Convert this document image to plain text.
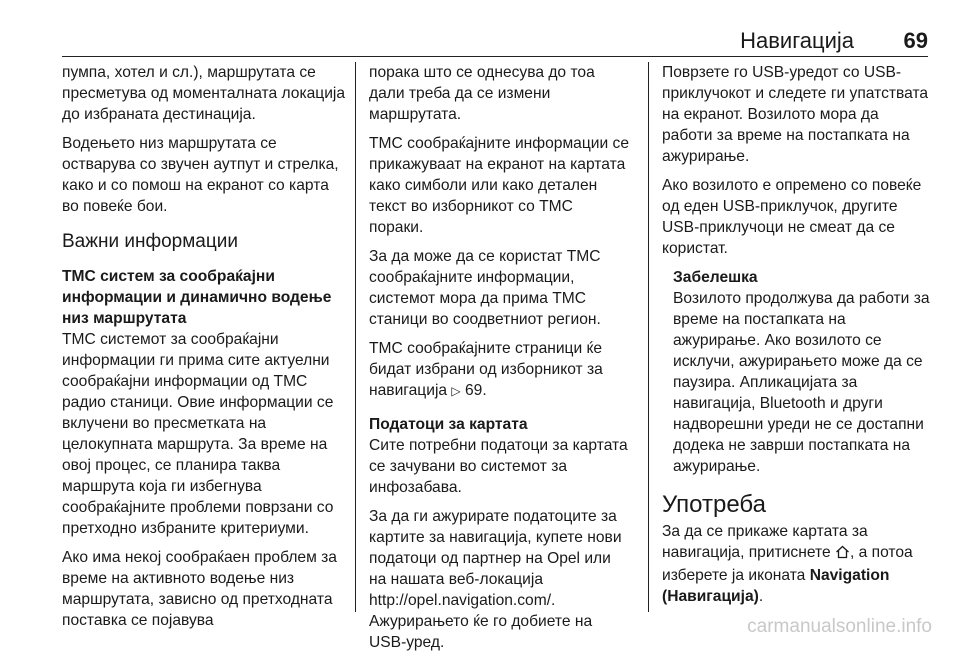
Навигација 69

пумпа, хотел и сл.), маршрутата се пресметува од моменталната локација до избраната дестинација.

Водењето низ маршрутата се остварува со звучен аутпут и стрелка, како и со помош на екранот со карта во повеќе бои.

Важни информации
TMC систем за сообраќајни информации и динамично водење низ маршрутата

TMC системот за сообраќајни информации ги прима сите актуелни сообраќајни информации од TMC радио станици. Овие информации се вклучени во пресметката на целокупната маршрута. За време на овој процес, се планира таква маршрута која ги избегнува сообраќајните проблеми поврзани со претходно избраните критериуми.

Ако има некој сообраќаен проблем за време на активното водење низ маршрутата, зависно од претходната поставка се појавува

порака што се однесува до тоа дали треба да се измени маршрутата.

TMC сообраќајните информации се прикажуваат на екранот на картата како симболи или како детален текст во изборникот со TMC пораки.

За да може да се користат TMC сообраќајните информации, системот мора да прима TMC станици во соодветниот регион.

TMC сообраќајните страници ќе бидат избрани од изборникот за навигација ▷ 69.

Податоци за картата

Сите потребни податоци за картата се зачувани во системот за инфозабава.

За да ги ажурирате податоците за картите за навигација, купете нови податоци од партнер на Opel или на нашата веб-локација http://opel.navigation.com/. Ажурирањето ќе го добиете на USB-уред.

Поврзете го USB-уредот со USB-приклучокот и следете ги упатствата на екранот. Возилото мора да работи за време на постапката на ажурирање.

Ако возилото е опремено со повеќе од еден USB-приклучок, другите USB-приклучоци не смеат да се користат.

Забелешка

Возилото продолжува да работи за време на постапката на ажурирање. Ако возилото се исклучи, ажурирањето може да се паузира. Апликацијата за навигација, Bluetooth и други надворешни уреди не се достапни додека не заврши постапката на ажурирање.

Употреба

За да се прикаже картата за навигација, притиснете , а потоа изберете ја иконата Navigation (Навигација).

carmanualsonline.info
